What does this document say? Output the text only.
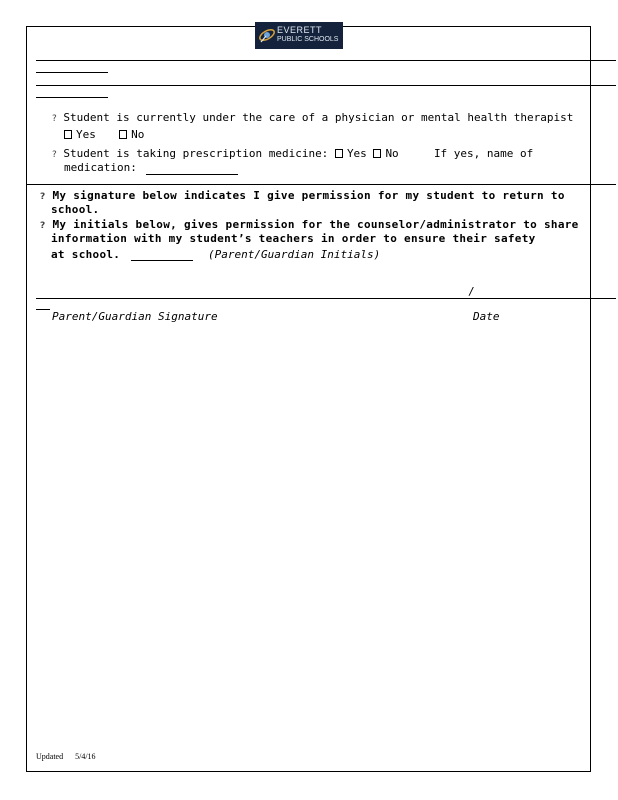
EVERETT
PUBLIC SCHOOLS
? Student is currently under the care of a physician or mental health therapist
Yes	No
? Student is taking prescription medicine: Yes No	If yes, name of
medication:
? My signature below indicates I give permission for my student to return to
school.
? My initials below, gives permission for the counselor/administrator to share
information with my student’s teachers in order to ensure their safety
at school.	(Parent/Guardian Initials)
/
Parent/Guardian Signature	Date
Updated 5/4/16
